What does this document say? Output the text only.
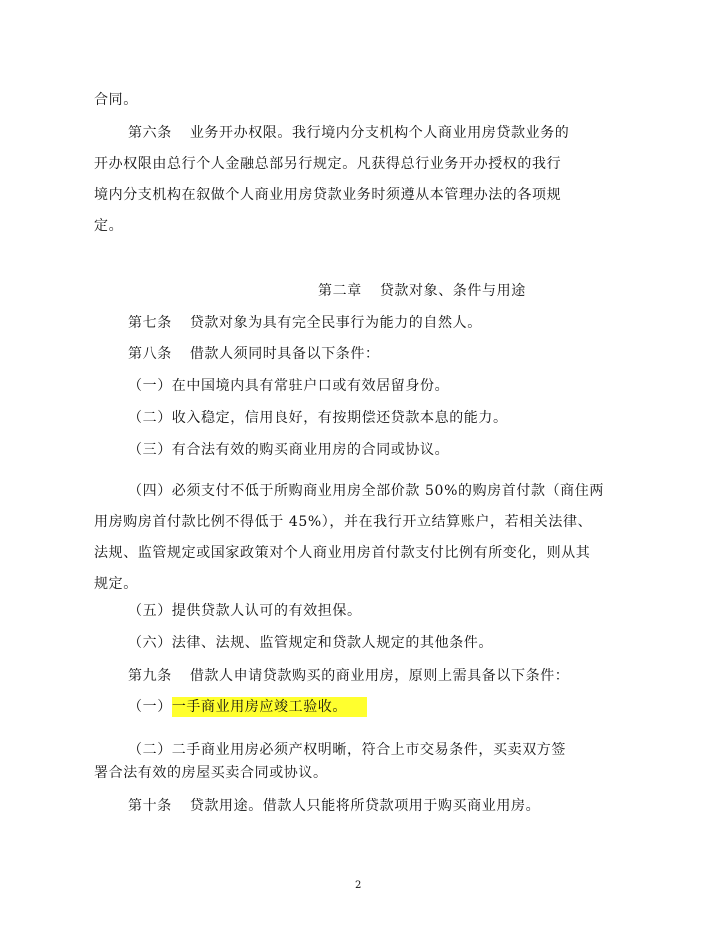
合同。
第六条 业务开办权限。我行境内分支机构个人商业用房贷款业务的
开办权限由总行个人金融总部另行规定。凡获得总行业务开办授权的我行
境内分支机构在叙做个人商业用房贷款业务时须遵从本管理办法的各项规
定。
第二章 贷款对象、条件与用途
第七条 贷款对象为具有完全民事行为能力的自然人。
第八条 借款人须同时具备以下条件：
（一）在中国境内具有常驻户口或有效居留身份。
（二）收入稳定，信用良好，有按期偿还贷款本息的能力。
（三）有合法有效的购买商业用房的合同或协议。
（四）必须支付不低于所购商业用房全部价款 50%的购房首付款（商住两
用房购房首付款比例不得低于 45%），并在我行开立结算账户，若相关法律、
法规、监管规定或国家政策对个人商业用房首付款支付比例有所变化，则从其
规定。
（五）提供贷款人认可的有效担保。
（六）法律、法规、监管规定和贷款人规定的其他条件。
第九条 借款人申请贷款购买的商业用房，原则上需具备以下条件：
（一）一手商业用房应竣工验收。
（二）二手商业用房必须产权明晰，符合上市交易条件，买卖双方签
署合法有效的房屋买卖合同或协议。
第十条 贷款用途。借款人只能将所贷款项用于购买商业用房。
2
